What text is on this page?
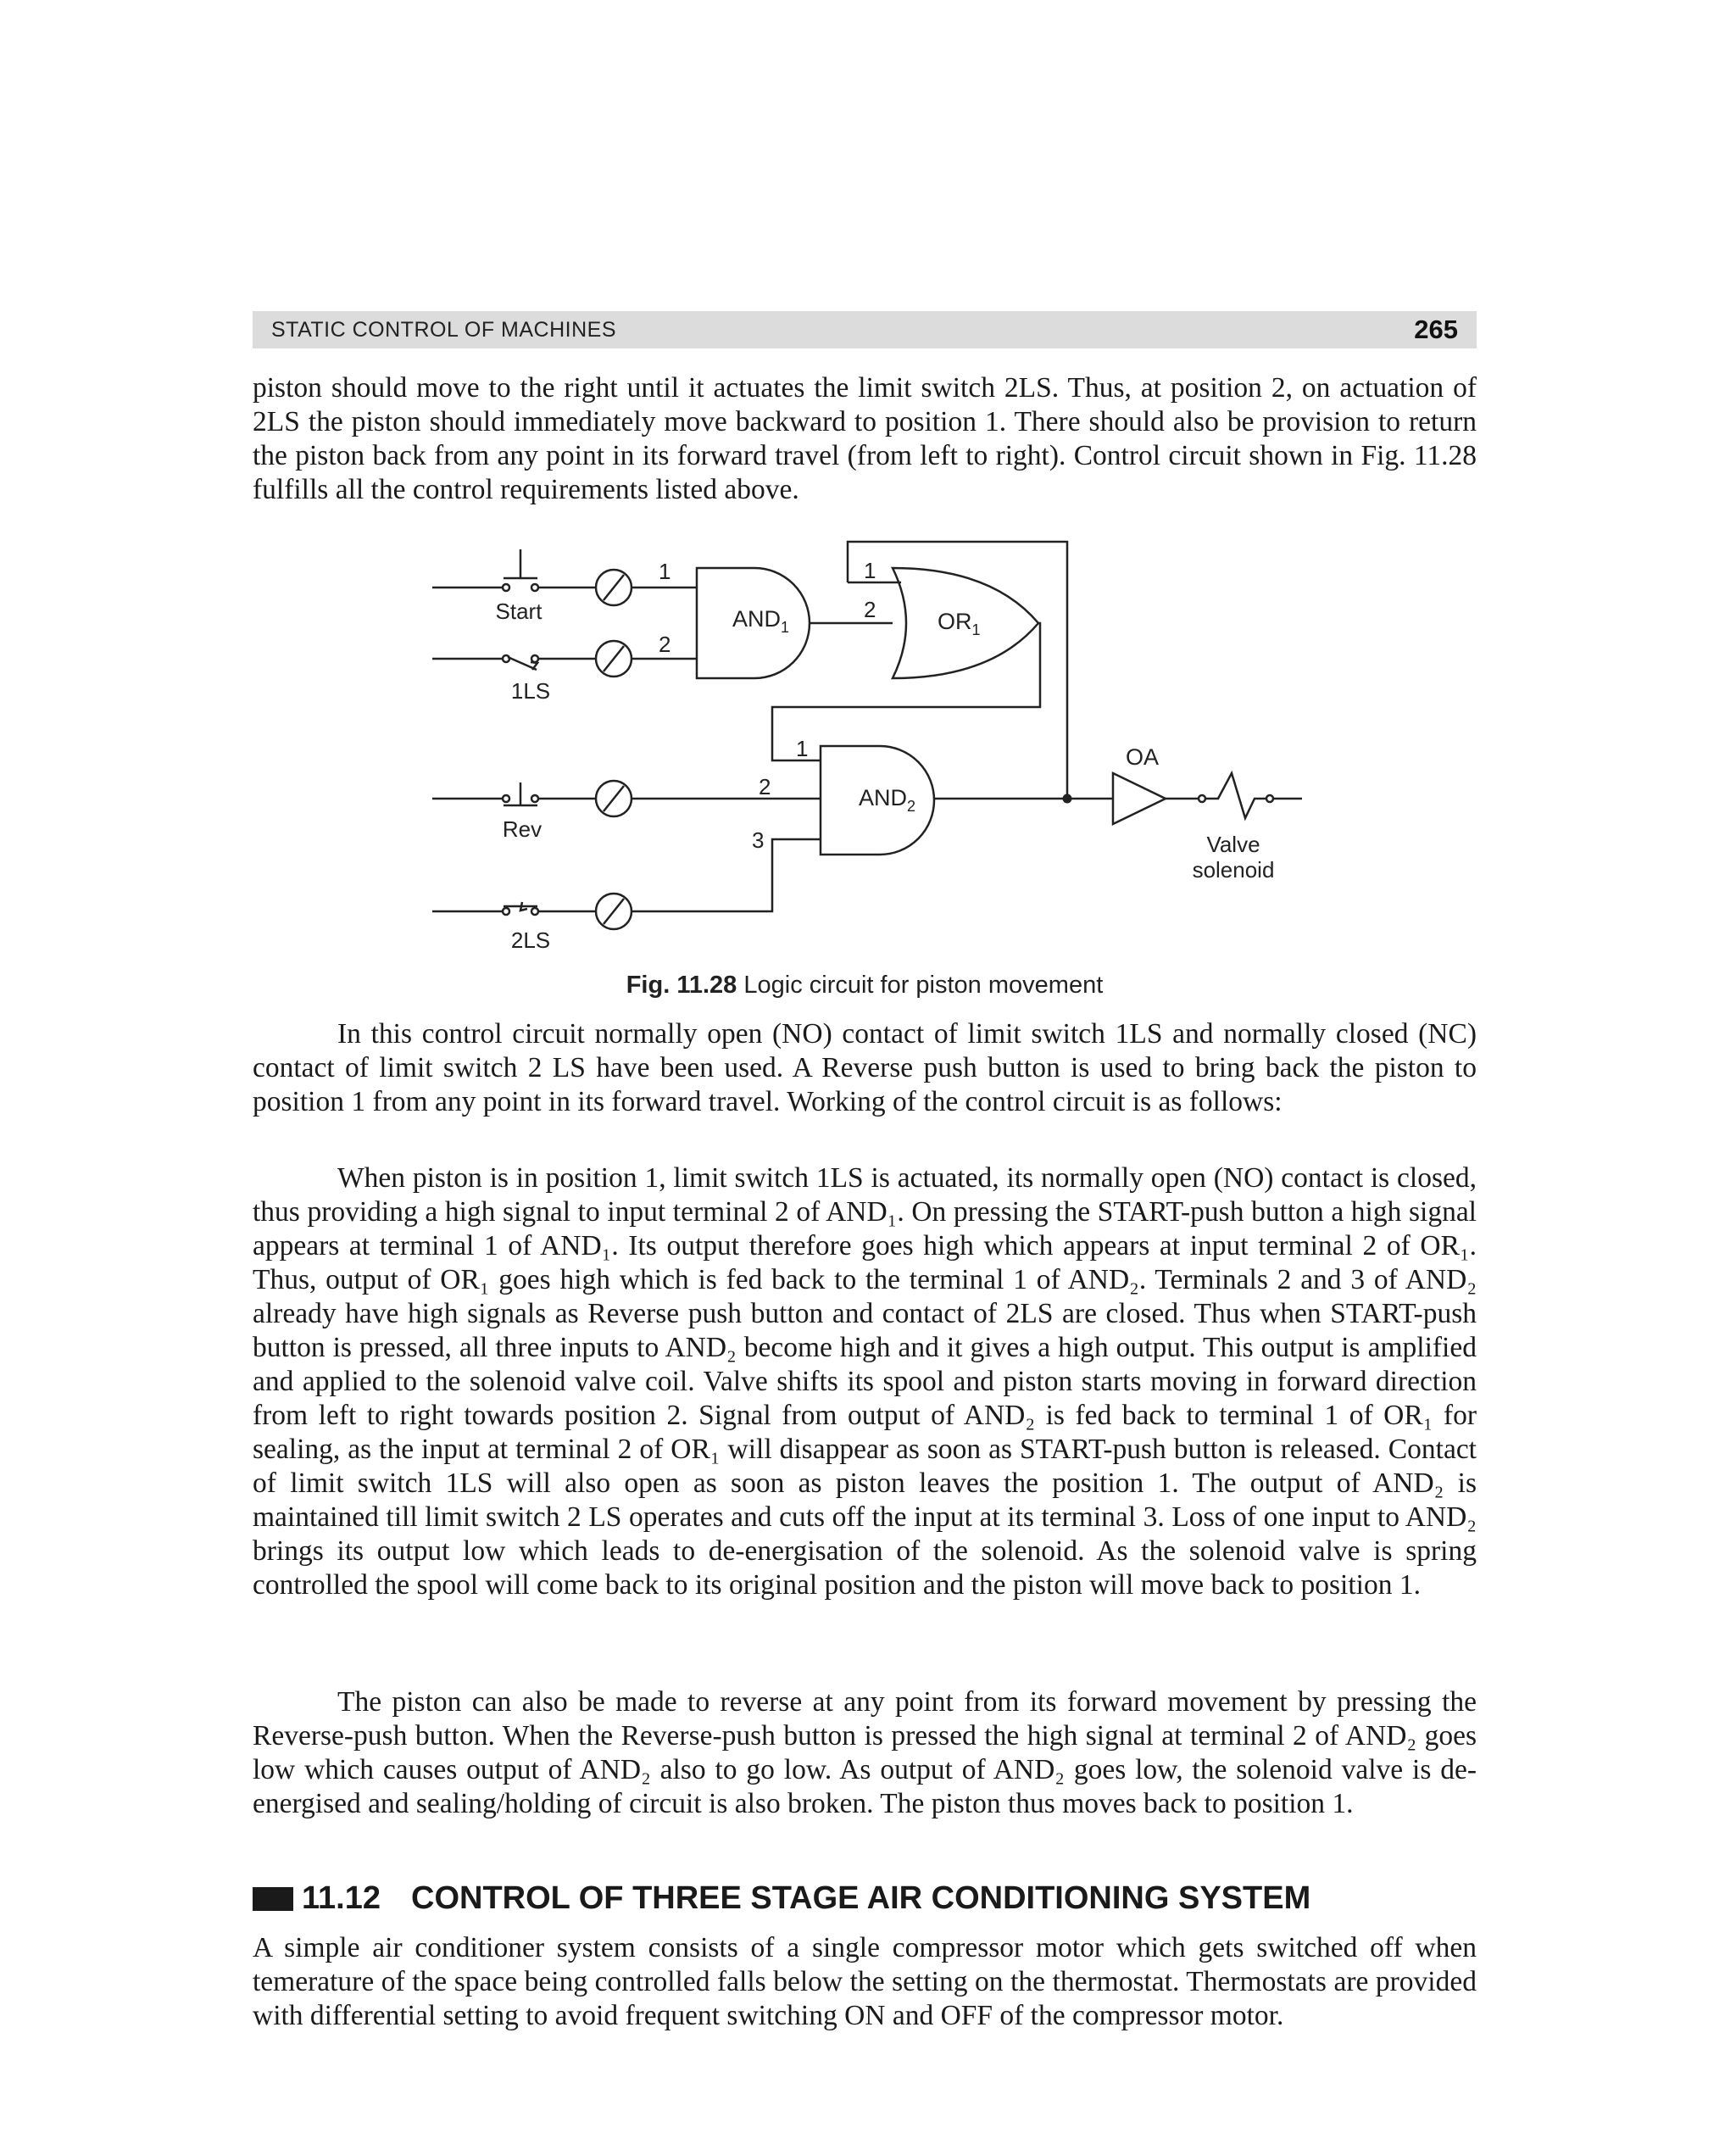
STATIC CONTROL OF MACHINES	265

piston should move to the right until it actuates the limit switch 2LS. Thus, at position 2, on actuation of 2LS the piston should immediately move backward to position 1. There should also be provision to return the piston back from any point in its forward travel (from left to right). Control circuit shown in Fig. 11.28 fulfills all the control requirements listed above.

Start
1LS
Rev
2LS
1
2
1
2
1
2
3
$AND_1$	$OR_1$
$AND_2$
OA
Valve
solenoid
Fig. 11.28 Logic circuit for piston movement

In this control circuit normally open (NO) contact of limit switch 1LS and normally closed (NC) contact of limit switch 2 LS have been used. A Reverse push button is used to bring back the piston to position 1 from any point in its forward travel. Working of the control circuit is as follows:

When piston is in position 1, limit switch 1LS is actuated, its normally open (NO) contact is closed, thus providing a high signal to input terminal 2 of AND₁. On pressing the START-push button a high signal appears at terminal 1 of AND₁. Its output therefore goes high which appears at input terminal 2 of OR₁. Thus, output of OR₁ goes high which is fed back to the terminal 1 of AND₂. Terminals 2 and 3 of AND₂ already have high signals as Reverse push button and contact of 2LS are closed. Thus when START-push button is pressed, all three inputs to AND₂ become high and it gives a high output. This output is amplified and applied to the solenoid valve coil. Valve shifts its spool and piston starts moving in forward direction from left to right towards position 2. Signal from output of AND₂ is fed back to terminal 1 of OR₁ for sealing, as the input at terminal 2 of OR₁ will disappear as soon as START-push button is released. Contact of limit switch 1LS will also open as soon as piston leaves the position 1. The output of AND₂ is maintained till limit switch 2 LS operates and cuts off the input at its terminal 3. Loss of one input to AND₂ brings its output low which leads to de-energisation of the solenoid. As the solenoid valve is spring controlled the spool will come back to its original position and the piston will move back to position 1.

The piston can also be made to reverse at any point from its forward movement by pressing the Reverse-push button. When the Reverse-push button is pressed the high signal at terminal 2 of AND₂ goes low which causes output of AND₂ also to go low. As output of AND₂ goes low, the solenoid valve is de-energised and sealing/holding of circuit is also broken. The piston thus moves back to position 1.

11.12 CONTROL OF THREE STAGE AIR CONDITIONING SYSTEM

A simple air conditioner system consists of a single compressor motor which gets switched off when temerature of the space being controlled falls below the setting on the thermostat. Thermostats are provided with differential setting to avoid frequent switching ON and OFF of the compressor motor.
